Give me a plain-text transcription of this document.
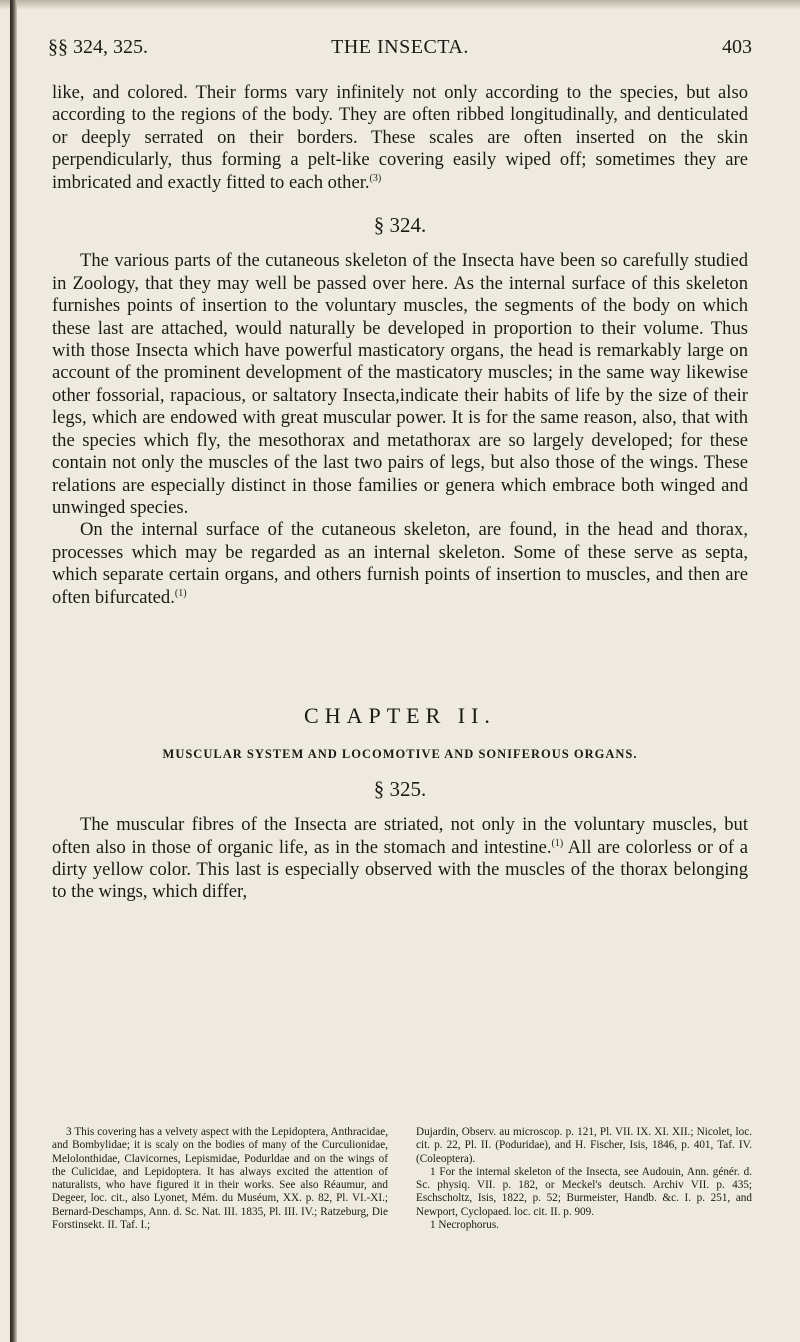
§§ 324, 325.	THE INSECTA.	403

like, and colored. Their forms vary infinitely not only according to the species, but also according to the regions of the body. They are often ribbed longitudinally, and denticulated or deeply serrated on their borders. These scales are often inserted on the skin perpendicularly, thus forming a pelt-like covering easily wiped off; sometimes they are imbricated and exactly fitted to each other.$^{(3)}$

§ 324.

The various parts of the cutaneous skeleton of the Insecta have been so carefully studied in Zoology, that they may well be passed over here. As the internal surface of this skeleton furnishes points of insertion to the voluntary muscles, the segments of the body on which these last are attached, would naturally be developed in proportion to their volume. Thus with those Insecta which have powerful masticatory organs, the head is remarkably large on account of the prominent development of the masticatory muscles; in the same way likewise other fossorial, rapacious, or saltatory Insecta,indicate their habits of life by the size of their legs, which are endowed with great muscular power. It is for the same reason, also, that with the species which fly, the mesothorax and metathorax are so largely developed; for these contain not only the muscles of the last two pairs of legs, but also those of the wings. These relations are especially distinct in those families or genera which embrace both winged and unwinged species.

On the internal surface of the cutaneous skeleton, are found, in the head and thorax, processes which may be regarded as an internal skeleton. Some of these serve as septa, which separate certain organs, and others furnish points of insertion to muscles, and then are often bifurcated.$^{(1)}$

CHAPTER II.
MUSCULAR SYSTEM AND LOCOMOTIVE AND SONIFEROUS ORGANS.
§ 325.

The muscular fibres of the Insecta are striated, not only in the voluntary muscles, but often also in those of organic life, as in the stomach and intestine.$^{(1)}$ All are colorless or of a dirty yellow color. This last is especially observed with the muscles of the thorax belonging to the wings, which differ,

3 This covering has a velvety aspect with the Lepidoptera, Anthracidae, and Bombylidae; it is scaly on the bodies of many of the Curculionidae, Melolonthidae, Clavicornes, Lepismidae, Podurldae and on the wings of the Culicidae, and Lepidoptera. It has always excited the attention of naturalists, who have figured it in their works. See also Réaumur, and Degeer, loc. cit., also Lyonet, Mém. du Muséum, XX. p. 82, Pl. VI.-XI.; Bernard-Deschamps, Ann. d. Sc. Nat. III. 1835, Pl. III. IV.; Ratzeburg, Die Forstinsekt. II. Taf. I.;

Dujardin, Observ. au microscop. p. 121, Pl. VII. IX. XI. XII.; Nicolet, loc. cit. p. 22, Pl. II. (Poduridae), and H. Fischer, Isis, 1846, p. 401, Taf. IV. (Coleoptera).

1 For the internal skeleton of the Insecta, see Audouin, Ann. génér. d. Sc. physiq. VII. p. 182, or Meckel's deutsch. Archiv VII. p. 435; Eschscholtz, Isis, 1822, p. 52; Burmeister, Handb. &c. I. p. 251, and Newport, Cyclopaed. loc. cit. II. p. 909.

1 Necrophorus.
